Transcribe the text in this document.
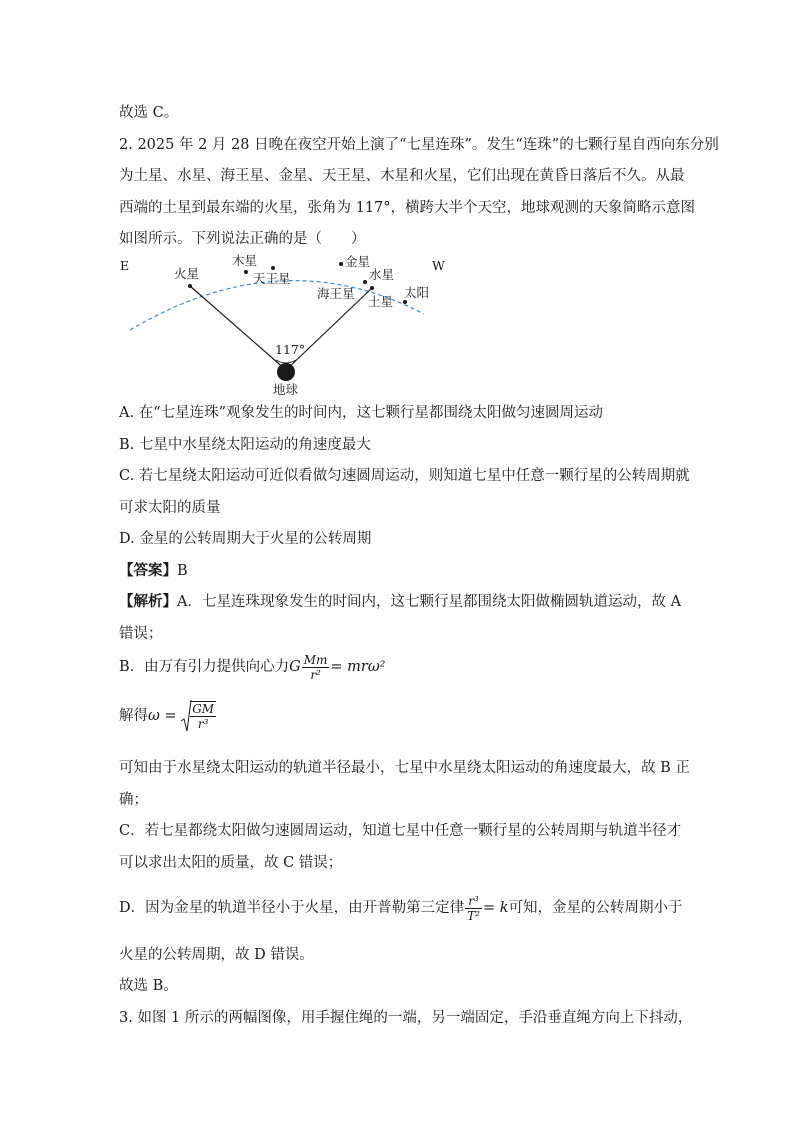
故选 C。
2. 2025 年 2 月 28 日晚在夜空开始上演了“七星连珠”。发生“连珠”的七颗行星自西向东分别
为土星、水星、海王星、金星、天王星、木星和火星，它们出现在黄昏日落后不久。从最
西端的土星到最东端的火星，张角为 117°，横跨大半个天空，地球观测的天象简略示意图
如图所示。下列说法正确的是（　　）
E	W
火星
木星
天王星
金星
水星
海王星
土星
太阳
117°
地球
A. 在“七星连珠”观象发生的时间内，这七颗行星都围绕太阳做匀速圆周运动
B. 七星中水星绕太阳运动的角速度最大
C. 若七星绕太阳运动可近似看做匀速圆周运动，则知道七星中任意一颗行星的公转周期就
可求太阳的质量
D. 金星的公转周期大于火星的公转周期
【答案】B
【解析】A．七星连珠现象发生的时间内，这七颗行星都围绕太阳做椭圆轨道运动，故 A
错误；
B．由万有引力提供向心力G $\frac{Mm}{\text{r²}} = mr\omega^2$
解得$\omega = \frac{GM}{\text{r³}}$
可知由于水星绕太阳运动的轨道半径最小，七星中水星绕太阳运动的角速度最大，故 B 正
确；
C．若七星都绕太阳做匀速圆周运动，知道七星中任意一颗行星的公转周期与轨道半径才
可以求出太阳的质量，故 C 错误；
D．因为金星的轨道半径小于火星，由开普勒第三定律 $\frac{\text{r³}}{\text{T²}} = k$可知，金星的公转周期小于
火星的公转周期，故 D 错误。
故选 B。
3. 如图 1 所示的两幅图像，用手握住绳的一端，另一端固定，手沿垂直绳方向上下抖动，
